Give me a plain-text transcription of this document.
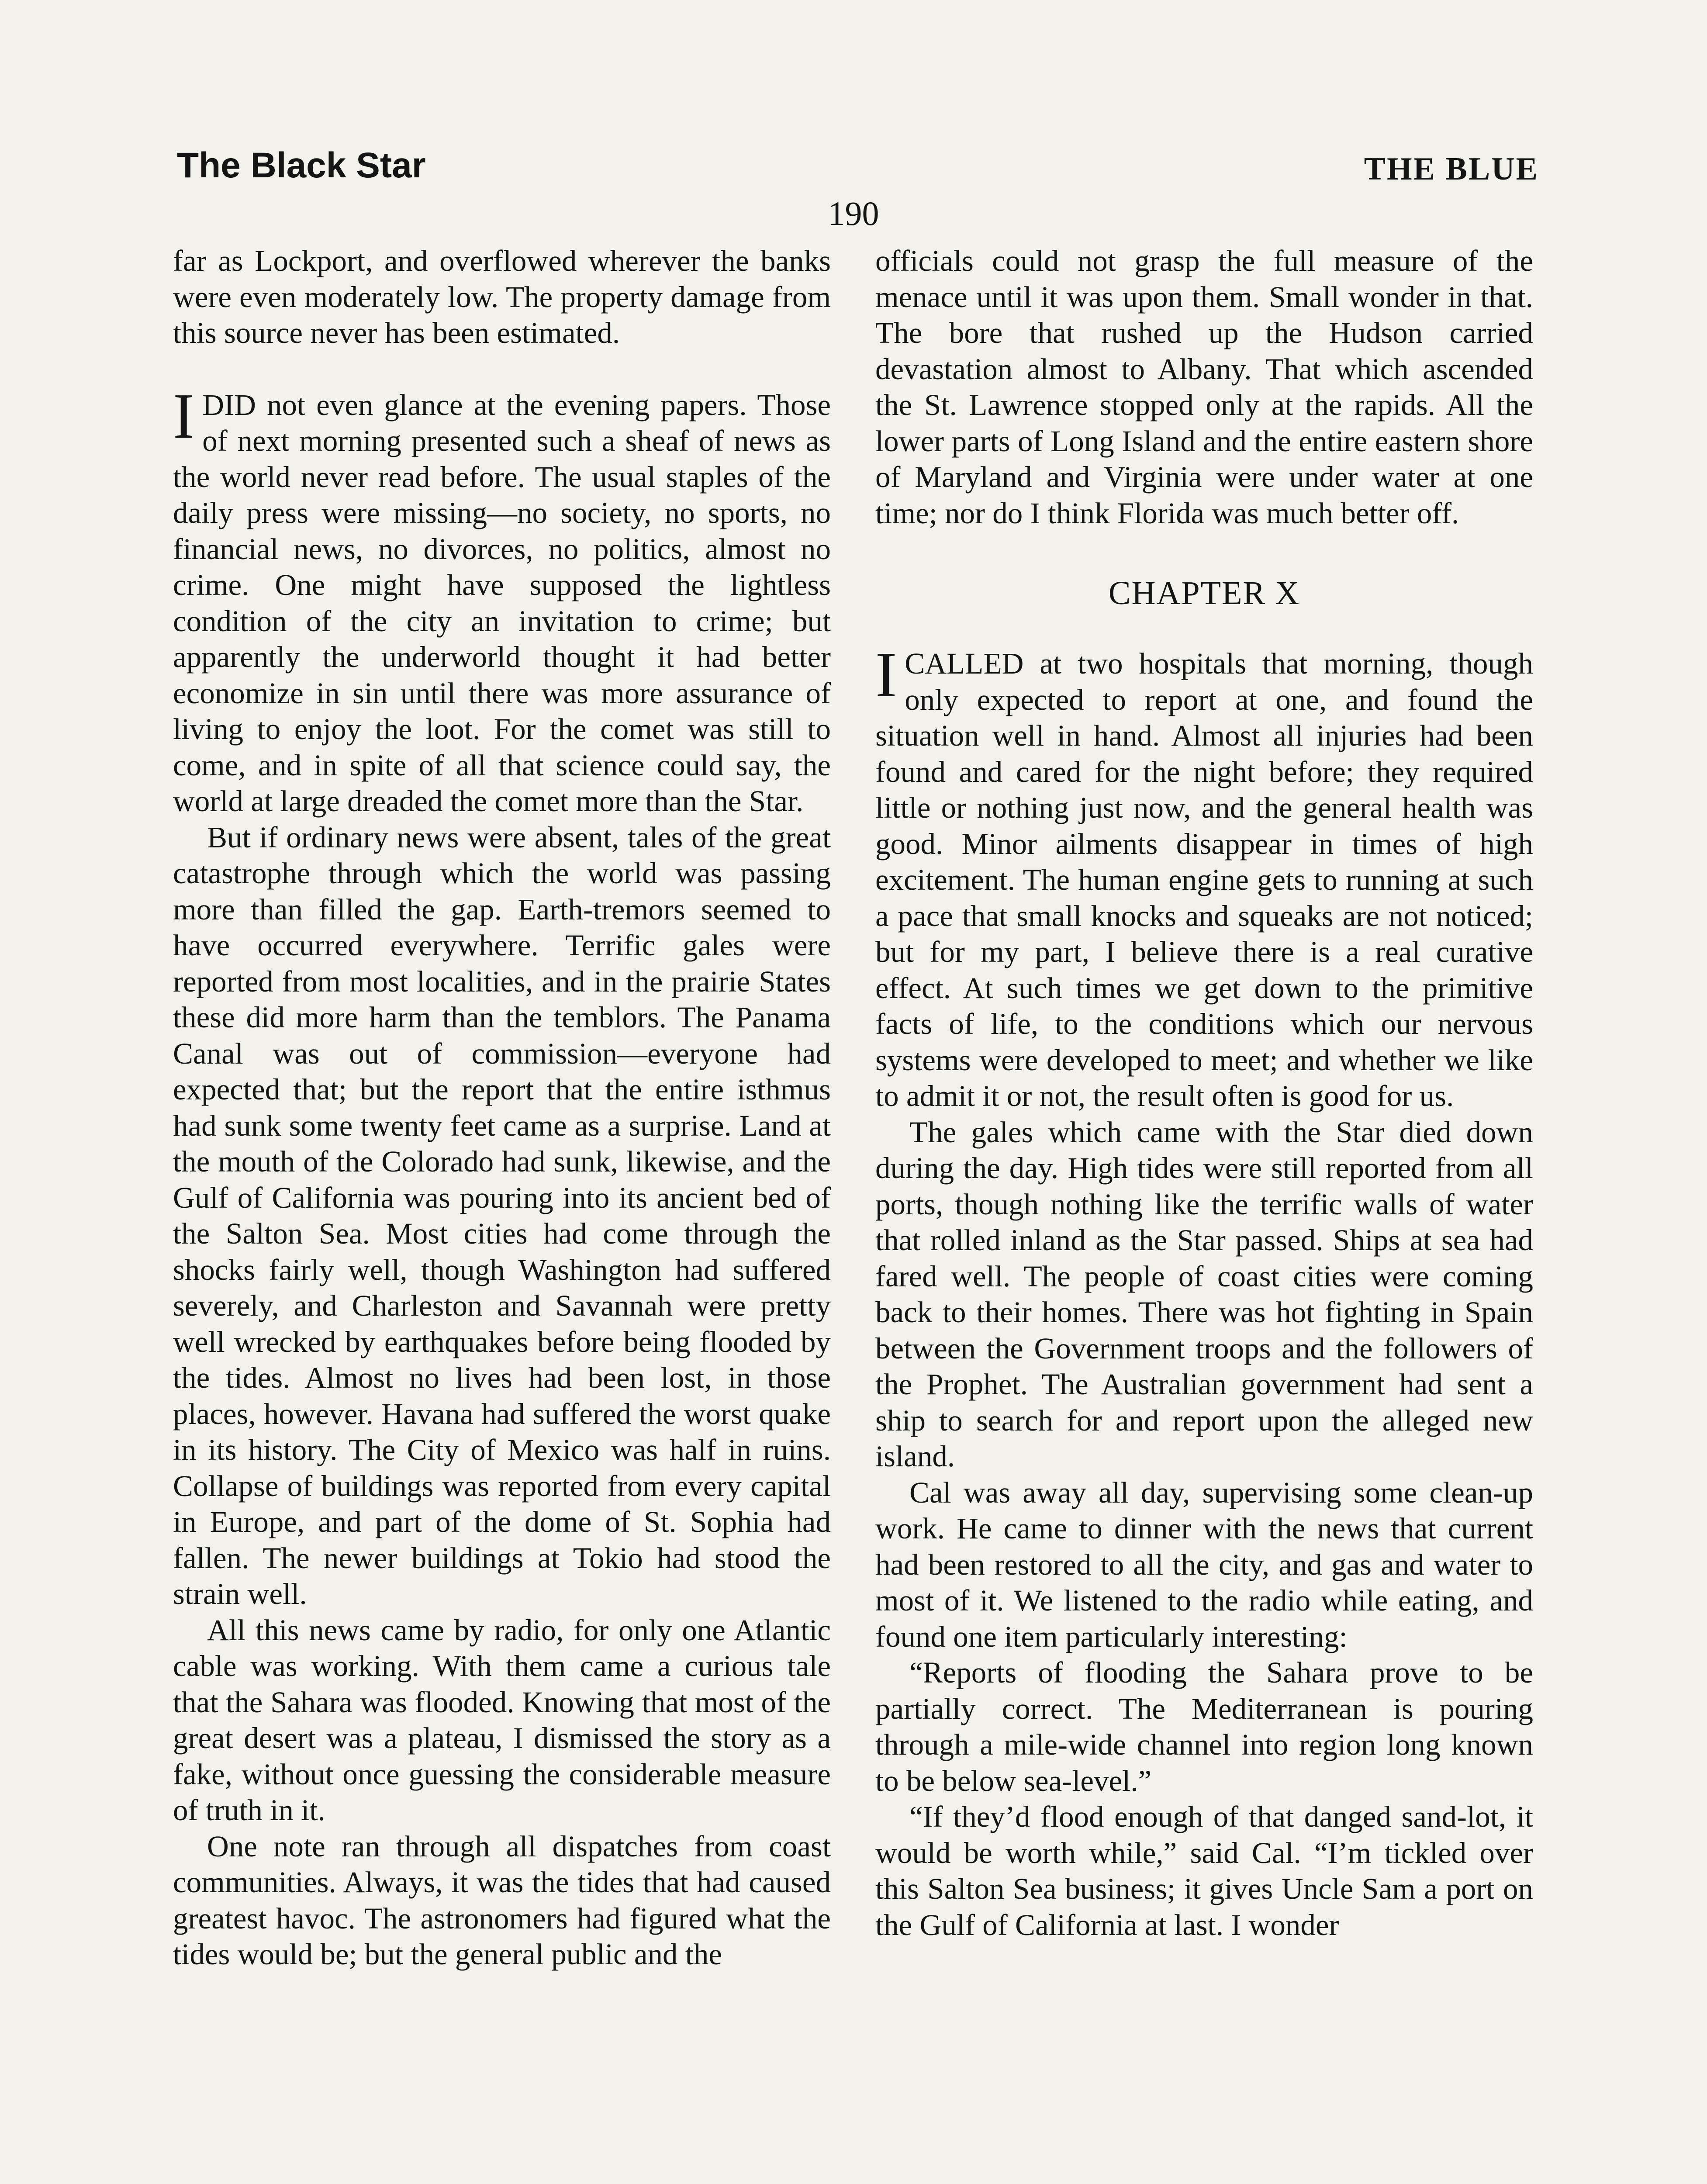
The Black Star	THE BLUE
190

far as Lockport, and overflowed wherever the banks were even moderately low. The property damage from this source never has been estimated.

I DID not even glance at the evening papers. Those of next morning presented such a sheaf of news as the world never read before. The usual staples of the daily press were missing—no society, no sports, no financial news, no divorces, no politics, almost no crime. One might have supposed the lightless condition of the city an invitation to crime; but apparently the underworld thought it had better economize in sin until there was more assurance of living to enjoy the loot. For the comet was still to come, and in spite of all that science could say, the world at large dreaded the comet more than the Star.

But if ordinary news were absent, tales of the great catastrophe through which the world was passing more than filled the gap. Earth-tremors seemed to have occurred everywhere. Terrific gales were reported from most localities, and in the prairie States these did more harm than the temblors. The Panama Canal was out of commission—everyone had expected that; but the report that the entire isthmus had sunk some twenty feet came as a surprise. Land at the mouth of the Colorado had sunk, likewise, and the Gulf of California was pouring into its ancient bed of the Salton Sea. Most cities had come through the shocks fairly well, though Washington had suffered severely, and Charleston and Savannah were pretty well wrecked by earthquakes before being flooded by the tides. Almost no lives had been lost, in those places, however. Havana had suffered the worst quake in its history. The City of Mexico was half in ruins. Collapse of buildings was reported from every capital in Europe, and part of the dome of St. Sophia had fallen. The newer buildings at Tokio had stood the strain well.

All this news came by radio, for only one Atlantic cable was working. With them came a curious tale that the Sahara was flooded. Knowing that most of the great desert was a plateau, I dismissed the story as a fake, without once guessing the considerable measure of truth in it.

One note ran through all dispatches from coast communities. Always, it was the tides that had caused greatest havoc. The astronomers had figured what the tides would be; but the general public and the

officials could not grasp the full measure of the menace until it was upon them. Small wonder in that. The bore that rushed up the Hudson carried devastation almost to Albany. That which ascended the St. Lawrence stopped only at the rapids. All the lower parts of Long Island and the entire eastern shore of Maryland and Virginia were under water at one time; nor do I think Florida was much better off.

CHAPTER X

I CALLED at two hospitals that morning, though only expected to report at one, and found the situation well in hand. Almost all injuries had been found and cared for the night before; they required little or nothing just now, and the general health was good. Minor ailments disappear in times of high excitement. The human engine gets to running at such a pace that small knocks and squeaks are not noticed; but for my part, I believe there is a real curative effect. At such times we get down to the primitive facts of life, to the conditions which our nervous systems were developed to meet; and whether we like to admit it or not, the result often is good for us.

The gales which came with the Star died down during the day. High tides were still reported from all ports, though nothing like the terrific walls of water that rolled inland as the Star passed. Ships at sea had fared well. The people of coast cities were coming back to their homes. There was hot fighting in Spain between the Government troops and the followers of the Prophet. The Australian government had sent a ship to search for and report upon the alleged new island.

Cal was away all day, supervising some clean-up work. He came to dinner with the news that current had been restored to all the city, and gas and water to most of it. We listened to the radio while eating, and found one item particularly interesting:

“Reports of flooding the Sahara prove to be partially correct. The Mediterranean is pouring through a mile-wide channel into region long known to be below sea-level.”

“If they’d flood enough of that danged sand-lot, it would be worth while,” said Cal. “I’m tickled over this Salton Sea business; it gives Uncle Sam a port on the Gulf of California at last. I wonder
